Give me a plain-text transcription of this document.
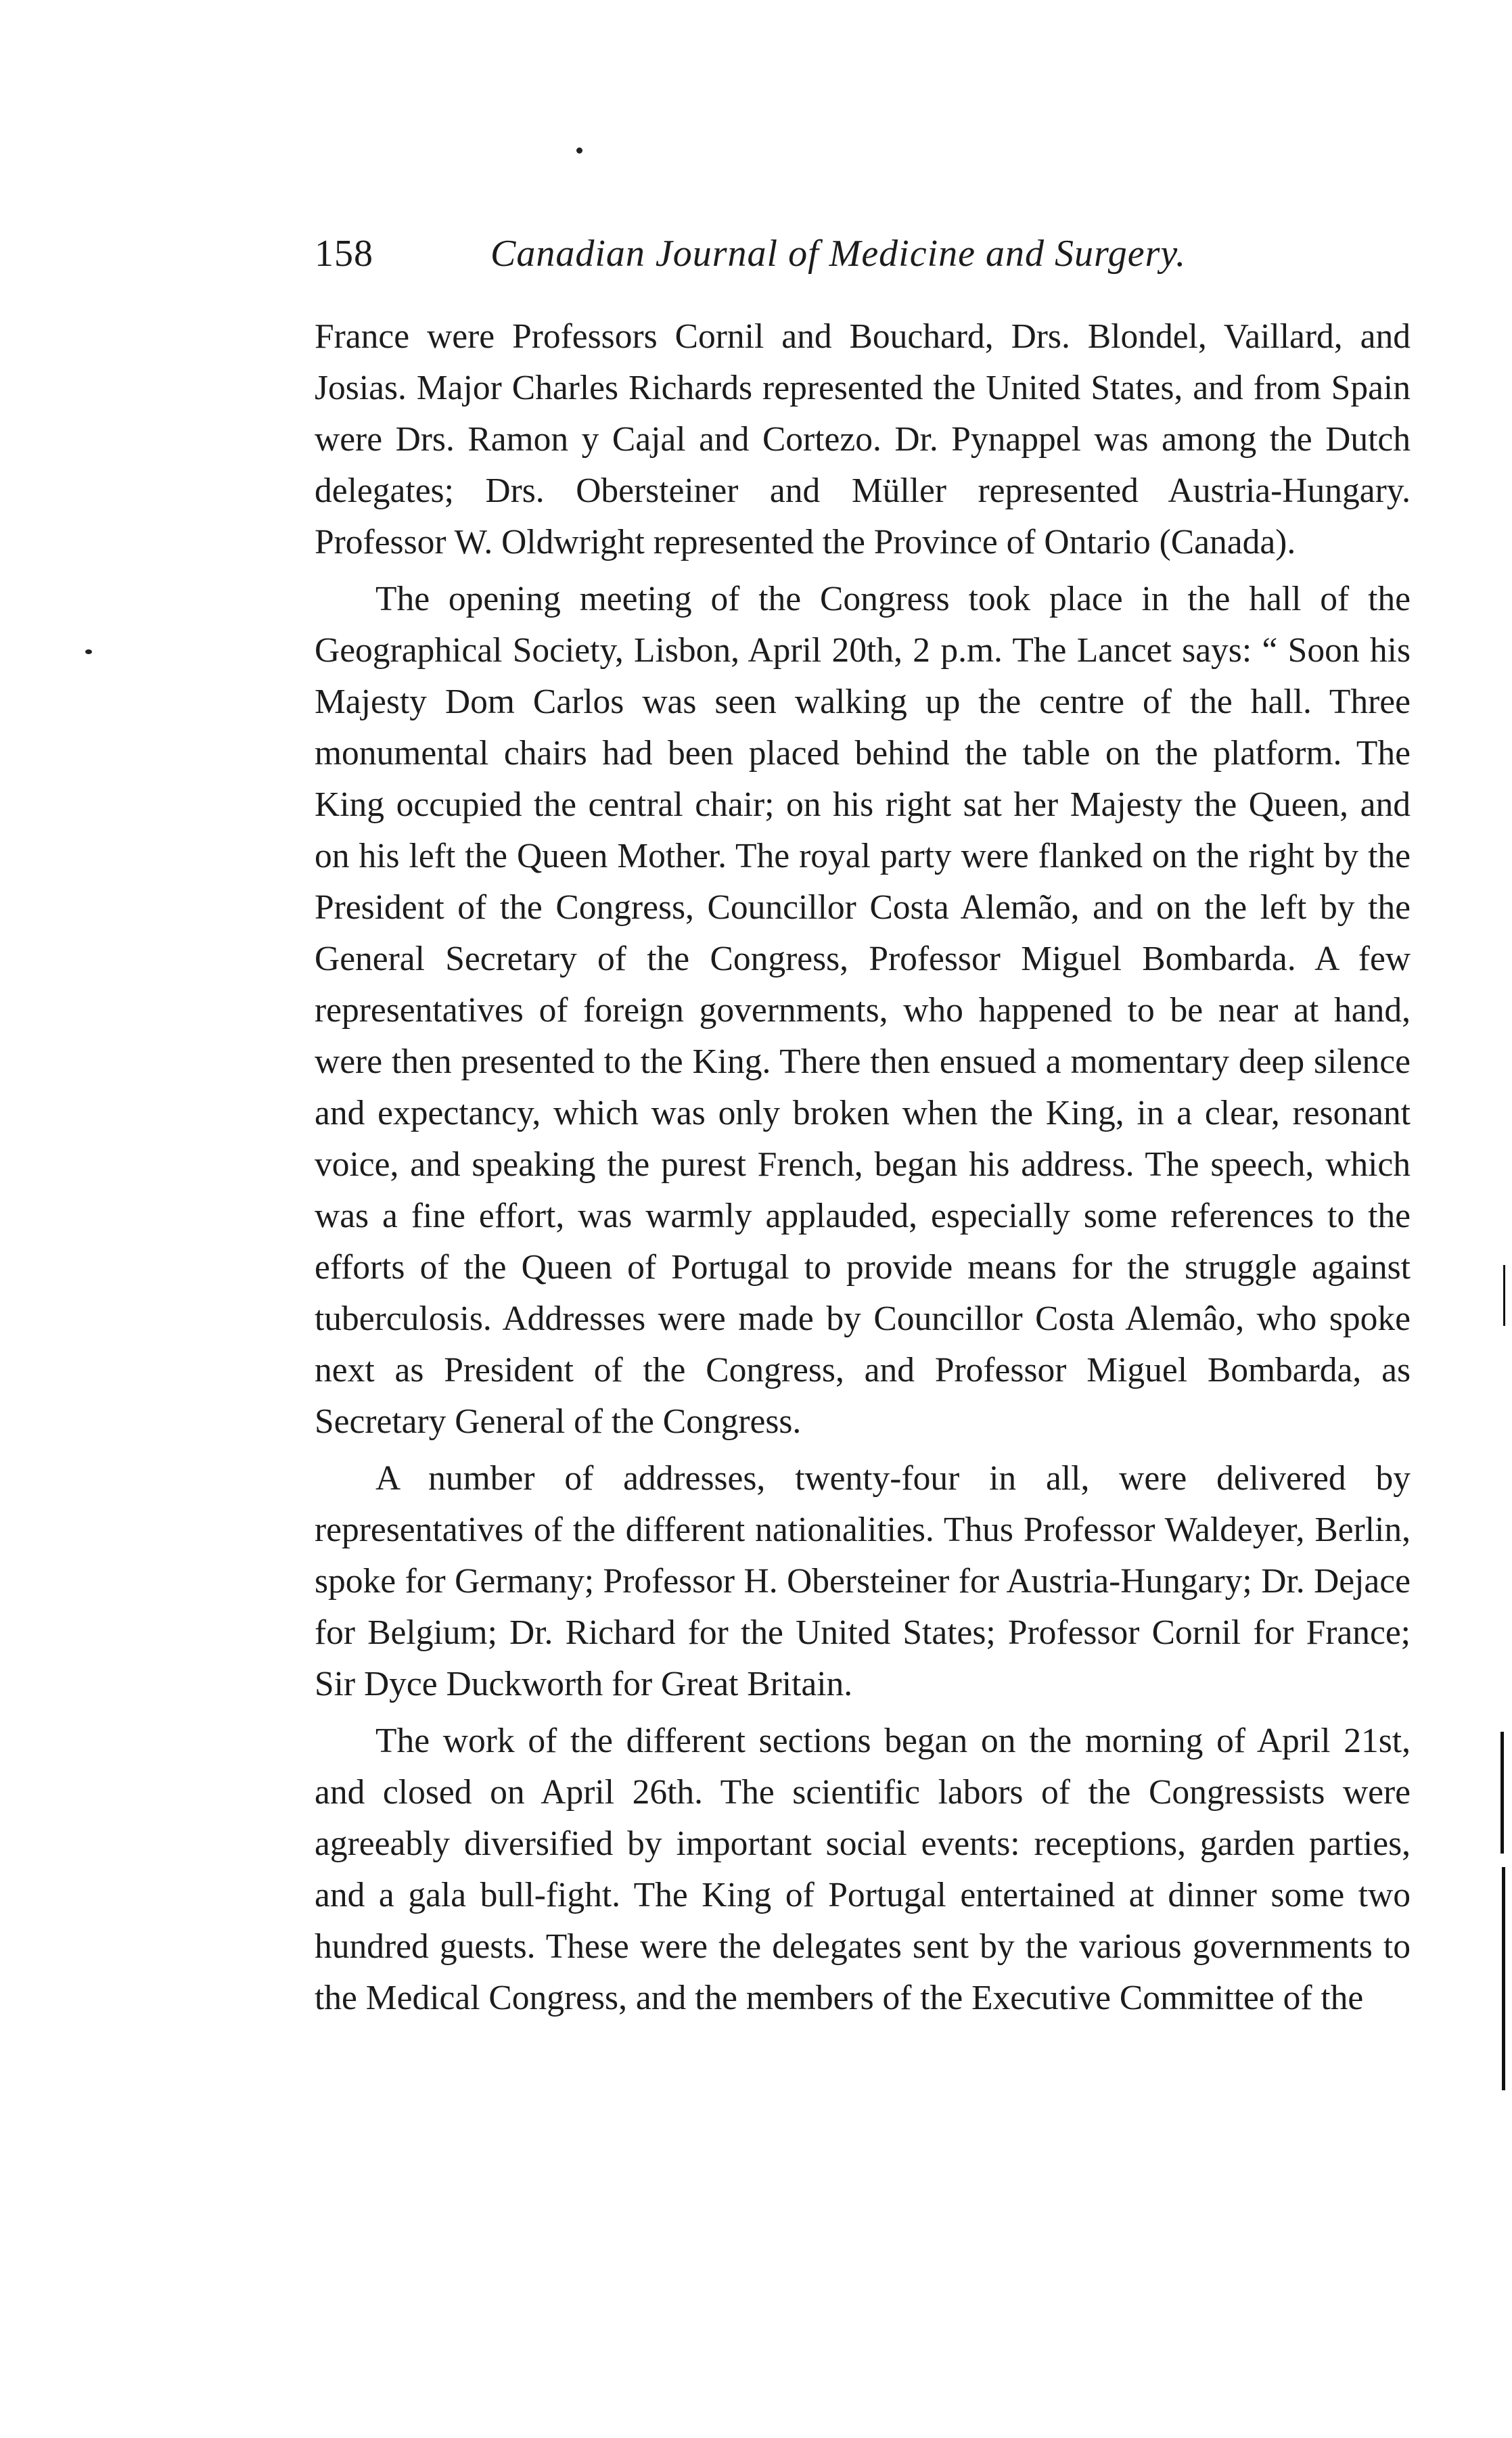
158	Canadian Journal of Medicine and Surgery.

France were Professors Cornil and Bouchard, Drs. Blondel, Vaillard, and Josias. Major Charles Richards represented the United States, and from Spain were Drs. Ramon y Cajal and Cortezo. Dr. Pynappel was among the Dutch delegates; Drs. Obersteiner and Müller represented Austria-Hungary. Professor W. Oldwright represented the Province of Ontario (Canada).

The opening meeting of the Congress took place in the hall of the Geographical Society, Lisbon, April 20th, 2 p.m. The Lancet says: “ Soon his Majesty Dom Carlos was seen walking up the centre of the hall. Three monumental chairs had been placed behind the table on the platform. The King occupied the central chair; on his right sat her Majesty the Queen, and on his left the Queen Mother. The royal party were flanked on the right by the President of the Congress, Councillor Costa Alemão, and on the left by the General Secretary of the Congress, Professor Miguel Bombarda. A few representatives of foreign governments, who happened to be near at hand, were then presented to the King. There then ensued a momentary deep silence and expectancy, which was only broken when the King, in a clear, resonant voice, and speaking the purest French, began his address. The speech, which was a fine effort, was warmly applauded, especially some references to the efforts of the Queen of Portugal to provide means for the struggle against tuberculosis. Addresses were made by Councillor Costa Alemâo, who spoke next as President of the Congress, and Professor Miguel Bombarda, as Secretary General of the Congress.

A number of addresses, twenty-four in all, were delivered by representatives of the different nationalities. Thus Professor Waldeyer, Berlin, spoke for Germany; Professor H. Obersteiner for Austria-Hungary; Dr. Dejace for Belgium; Dr. Richard for the United States; Professor Cornil for France; Sir Dyce Duckworth for Great Britain.

The work of the different sections began on the morning of April 21st, and closed on April 26th. The scientific labors of the Congressists were agreeably diversified by important social events: receptions, garden parties, and a gala bull-fight. The King of Portugal entertained at dinner some two hundred guests. These were the delegates sent by the various governments to the Medical Congress, and the members of the Executive Committee of the
